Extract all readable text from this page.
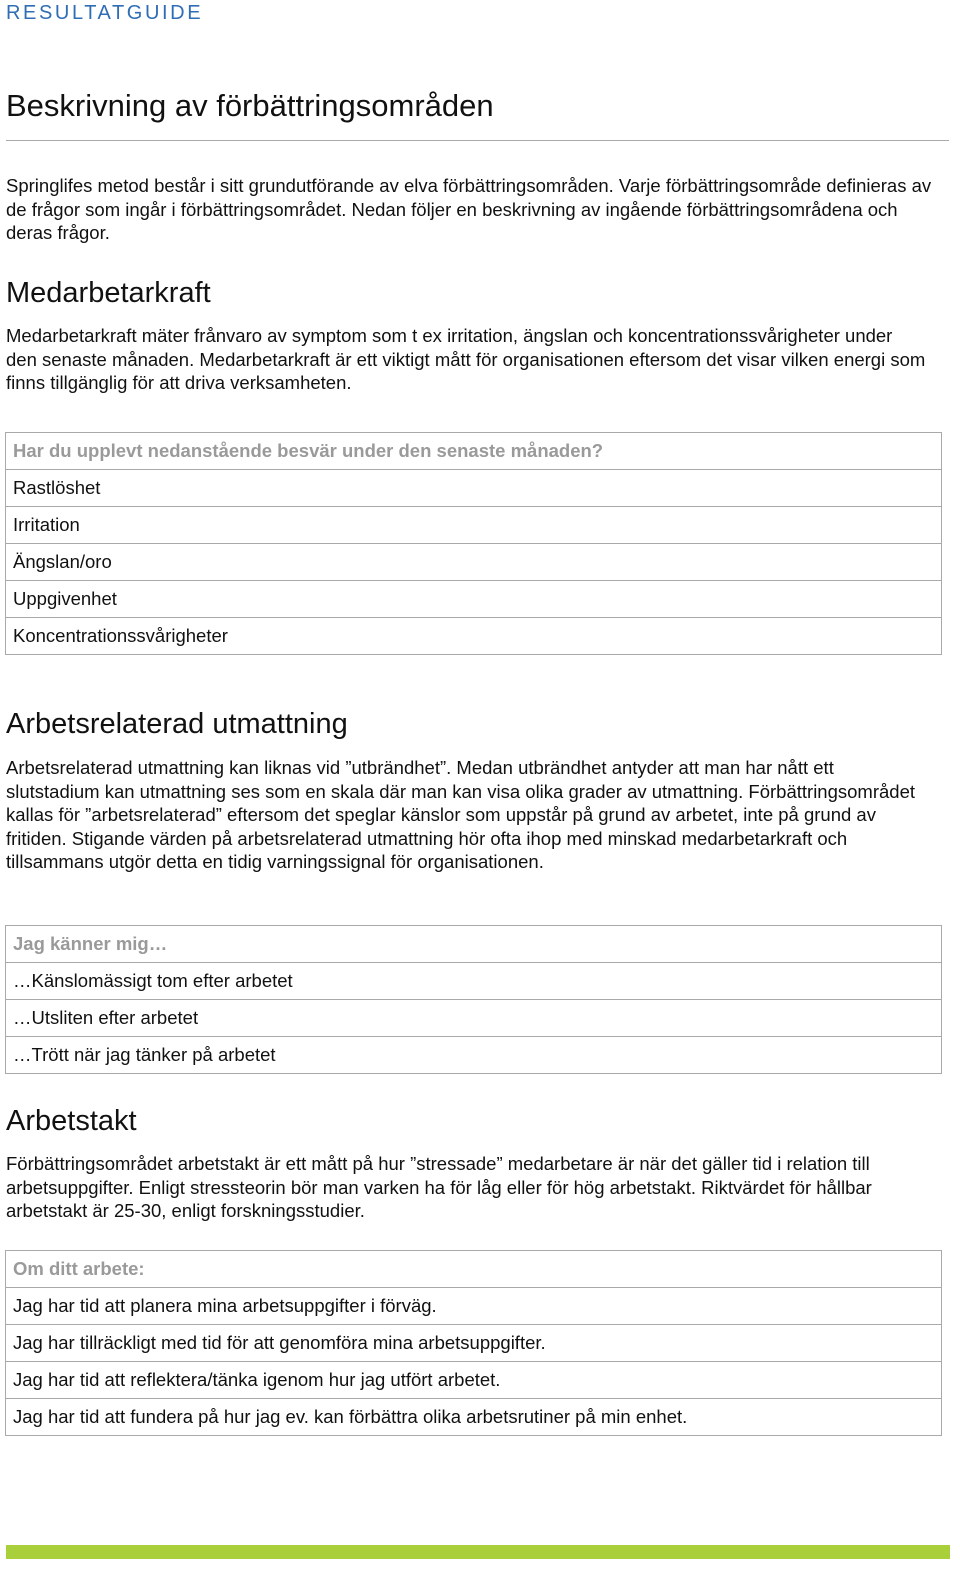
RESULTATGUIDE
Beskrivning av förbättringsområden

Springlifes metod består i sitt grundutförande av elva förbättringsområden. Varje förbättringsområde definieras av de frågor som ingår i förbättringsområdet. Nedan följer en beskrivning av ingående förbättringsområdena och deras frågor.

Medarbetarkraft

Medarbetarkraft mäter frånvaro av symptom som t ex irritation, ängslan och koncentrationssvårigheter under den senaste månaden. Medarbetarkraft är ett viktigt mått för organisationen eftersom det visar vilken energi som finns tillgänglig för att driva verksamheten.

Har du upplevt nedanstående besvär under den senaste månaden?
Rastlöshet
Irritation
Ängslan/oro
Uppgivenhet
Koncentrationssvårigheter
Arbetsrelaterad utmattning

Arbetsrelaterad utmattning kan liknas vid ”utbrändhet”. Medan utbrändhet antyder att man har nått ett slutstadium kan utmattning ses som en skala där man kan visa olika grader av utmattning. Förbättringsområdet kallas för ”arbetsrelaterad” eftersom det speglar känslor som uppstår på grund av arbetet, inte på grund av fritiden. Stigande värden på arbetsrelaterad utmattning hör ofta ihop med minskad medarbetarkraft och tillsammans utgör detta en tidig varningssignal för organisationen.

Jag känner mig…
…Känslomässigt tom efter arbetet
…Utsliten efter arbetet
…Trött när jag tänker på arbetet
Arbetstakt

Förbättringsområdet arbetstakt är ett mått på hur ”stressade” medarbetare är när det gäller tid i relation till arbetsuppgifter. Enligt stressteorin bör man varken ha för låg eller för hög arbetstakt. Riktvärdet för hållbar arbetstakt är 25-30, enligt forskningsstudier.

Om ditt arbete:
Jag har tid att planera mina arbetsuppgifter i förväg.
Jag har tillräckligt med tid för att genomföra mina arbetsuppgifter.
Jag har tid att reflektera/tänka igenom hur jag utfört arbetet.
Jag har tid att fundera på hur jag ev. kan förbättra olika arbetsrutiner på min enhet.
